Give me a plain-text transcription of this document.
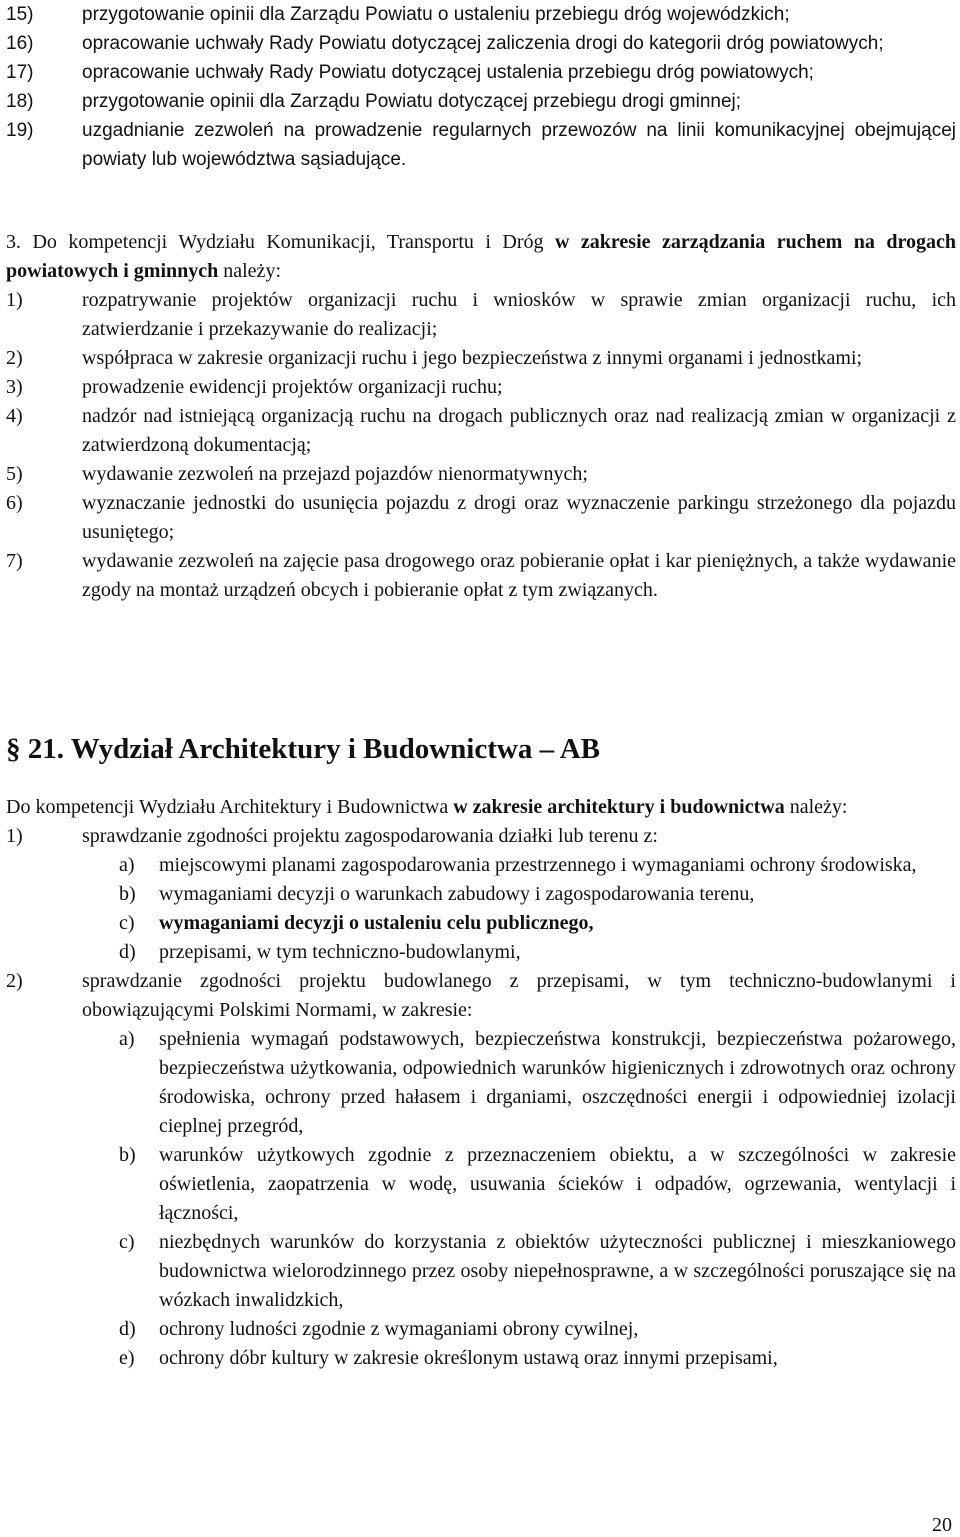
15)	przygotowanie opinii dla Zarządu Powiatu o ustaleniu przebiegu dróg wojewódzkich;
16)	opracowanie uchwały Rady Powiatu dotyczącej zaliczenia drogi do kategorii dróg powiatowych;
17)	opracowanie uchwały Rady Powiatu dotyczącej ustalenia przebiegu dróg powiatowych;
18)	przygotowanie opinii dla Zarządu Powiatu dotyczącej przebiegu drogi gminnej;
19)	uzgadnianie zezwoleń na prowadzenie regularnych przewozów na linii komunikacyjnej obejmującej powiaty lub województwa sąsiadujące.
3. Do kompetencji Wydziału Komunikacji, Transportu i Dróg w zakresie zarządzania ruchem na drogach powiatowych i gminnych należy:
1)	rozpatrywanie projektów organizacji ruchu i wniosków w sprawie zmian organizacji ruchu, ich zatwierdzanie i przekazywanie do realizacji;
2)	współpraca w zakresie organizacji ruchu i jego bezpieczeństwa z innymi organami i jednostkami;
3)	prowadzenie ewidencji projektów organizacji ruchu;
4)	nadzór nad istniejącą organizacją ruchu na drogach publicznych oraz nad realizacją zmian w organizacji z zatwierdzoną dokumentacją;
5)	wydawanie zezwoleń na przejazd pojazdów nienormatywnych;
6)	wyznaczanie jednostki do usunięcia pojazdu z drogi oraz wyznaczenie parkingu strzeżonego dla pojazdu usuniętego;
7)	wydawanie zezwoleń na zajęcie pasa drogowego oraz pobieranie opłat i kar pieniężnych, a także wydawanie zgody na montaż urządzeń obcych i pobieranie opłat z tym związanych.
§ 21. Wydział Architektury i Budownictwa – AB
Do kompetencji Wydziału Architektury i Budownictwa w zakresie architektury i budownictwa należy:
1)	sprawdzanie zgodności projektu zagospodarowania działki lub terenu z:
a)	miejscowymi planami zagospodarowania przestrzennego i wymaganiami ochrony środowiska,
b)	wymaganiami decyzji o warunkach zabudowy i zagospodarowania terenu,
c)	wymaganiami decyzji o ustaleniu celu publicznego,
d)	przepisami, w tym techniczno-budowlanymi,
2)	sprawdzanie zgodności projektu budowlanego z przepisami, w tym techniczno-budowlanymi i obowiązującymi Polskimi Normami, w zakresie:
a)	spełnienia wymagań podstawowych, bezpieczeństwa konstrukcji, bezpieczeństwa pożarowego, bezpieczeństwa użytkowania, odpowiednich warunków higienicznych i zdrowotnych oraz ochrony środowiska, ochrony przed hałasem i drganiami, oszczędności energii i odpowiedniej izolacji cieplnej przegród,
b)	warunków użytkowych zgodnie z przeznaczeniem obiektu, a w szczególności w zakresie oświetlenia, zaopatrzenia w wodę, usuwania ścieków i odpadów, ogrzewania, wentylacji i łączności,
c)	niezbędnych warunków do korzystania z obiektów użyteczności publicznej i mieszkaniowego budownictwa wielorodzinnego przez osoby niepełnosprawne, a w szczególności poruszające się na wózkach inwalidzkich,
d)	ochrony ludności zgodnie z wymaganiami obrony cywilnej,
e)	ochrony dóbr kultury w zakresie określonym ustawą oraz innymi przepisami,
20
